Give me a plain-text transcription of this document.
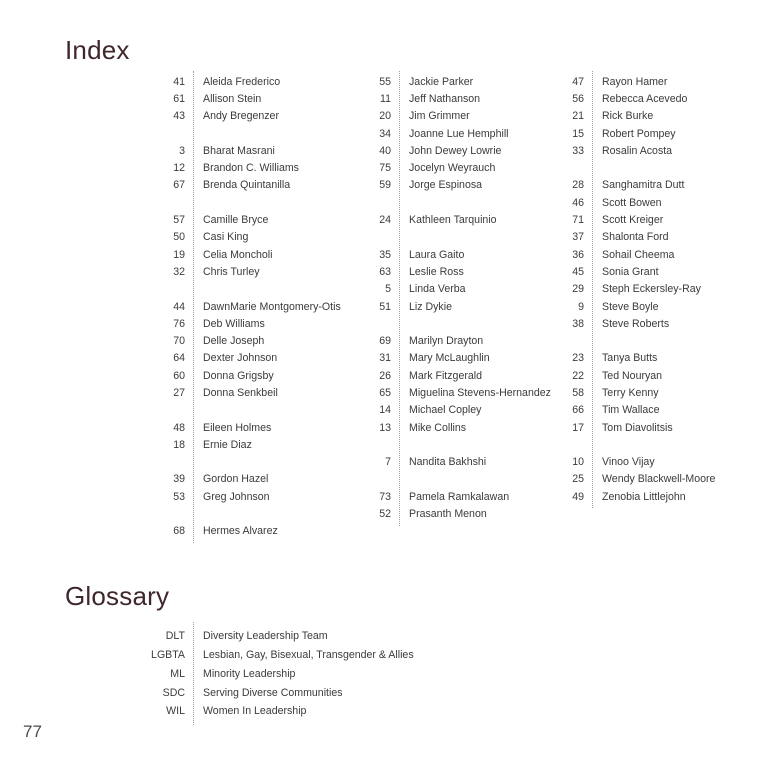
Index
41 Aleida Frederico
61 Allison Stein
43 Andy Bregenzer
3 Bharat Masrani
12 Brandon C. Williams
67 Brenda Quintanilla
57 Camille Bryce
50 Casi King
19 Celia Moncholi
32 Chris Turley
44 DawnMarie Montgomery-Otis
76 Deb Williams
70 Delle Joseph
64 Dexter Johnson
60 Donna Grigsby
27 Donna Senkbeil
48 Eileen Holmes
18 Ernie Diaz
39 Gordon Hazel
53 Greg Johnson
68 Hermes Alvarez
55 Jackie Parker
11 Jeff Nathanson
20 Jim Grimmer
34 Joanne Lue Hemphill
40 John Dewey Lowrie
75 Jocelyn Weyrauch
59 Jorge Espinosa
24 Kathleen Tarquinio
35 Laura Gaito
63 Leslie Ross
5 Linda Verba
51 Liz Dykie
69 Marilyn Drayton
31 Mary McLaughlin
26 Mark Fitzgerald
65 Miguelina Stevens-Hernandez
14 Michael Copley
13 Mike Collins
7 Nandita Bakhshi
73 Pamela Ramkalawan
52 Prasanth Menon
47 Rayon Hamer
56 Rebecca Acevedo
21 Rick Burke
15 Robert Pompey
33 Rosalin Acosta
28 Sanghamitra Dutt
46 Scott Bowen
71 Scott Kreiger
37 Shalonta Ford
36 Sohail Cheema
45 Sonia Grant
29 Steph Eckersley-Ray
9 Steve Boyle
38 Steve Roberts
23 Tanya Butts
22 Ted Nouryan
58 Terry Kenny
66 Tim Wallace
17 Tom Diavolitsis
10 Vinoo Vijay
25 Wendy Blackwell-Moore
49 Zenobia Littlejohn
Glossary
DLT Diversity Leadership Team
LGBTA Lesbian, Gay, Bisexual, Transgender & Allies
ML Minority Leadership
SDC Serving Diverse Communities
WIL Women In Leadership
77
